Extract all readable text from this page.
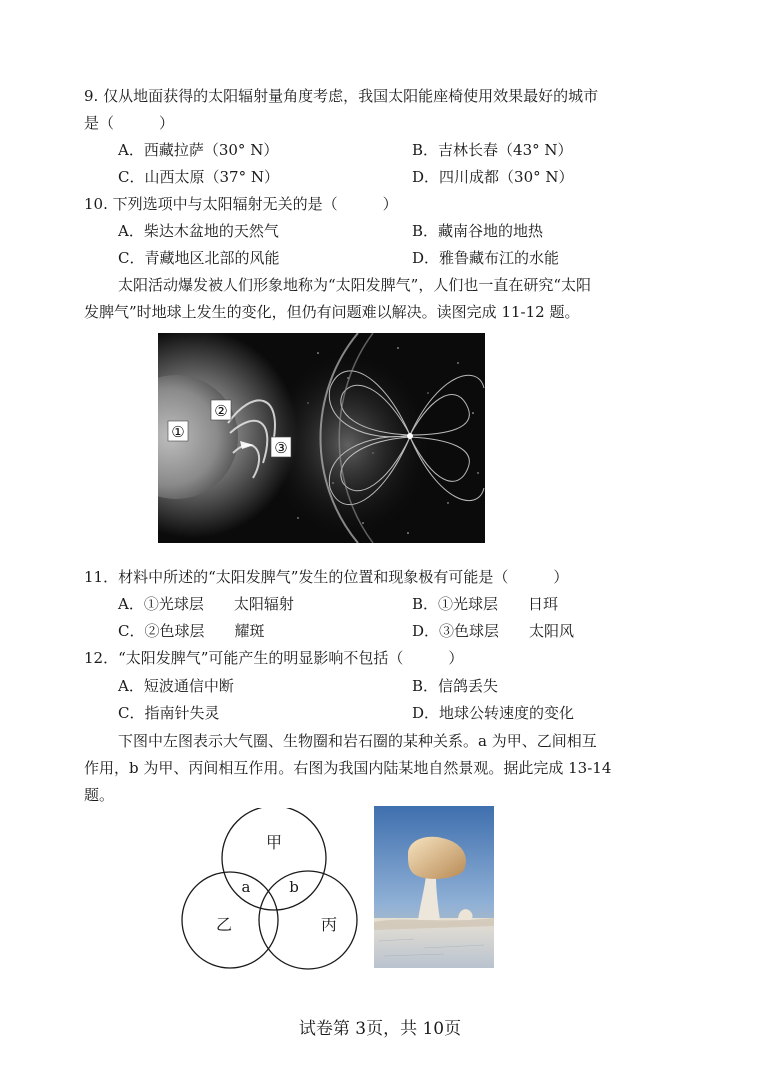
9. 仅从地面获得的太阳辐射量角度考虑，我国太阳能座椅使用效果最好的城市
是（　　　）
A．西藏拉萨（30° N）	B．吉林长春（43° N）
C．山西太原（37° N）	D．四川成都（30° N）
10. 下列选项中与太阳辐射无关的是（　　　）
A．柴达木盆地的天然气	B．藏南谷地的地热
C．青藏地区北部的风能	D．雅鲁藏布江的水能
太阳活动爆发被人们形象地称为“太阳发脾气”，人们也一直在研究“太阳
发脾气”时地球上发生的变化，但仍有问题难以解决。读图完成 11-12 题。
①
②
③
11．材料中所述的“太阳发脾气”发生的位置和现象极有可能是（　　　）
A．①光球层　　太阳辐射	B．①光球层　　日珥
C．②色球层　　耀斑	D．③色球层　　太阳风
12．“太阳发脾气”可能产生的明显影响不包括（　　　）
A．短波通信中断	B．信鸽丢失
C．指南针失灵	D．地球公转速度的变化
下图中左图表示大气圈、生物圈和岩石圈的某种关系。a 为甲、乙间相互
作用，b 为甲、丙间相互作用。右图为我国内陆某地自然景观。据此完成 13-14
题。
甲
乙	丙
a	b
试卷第 3页，共 10页
